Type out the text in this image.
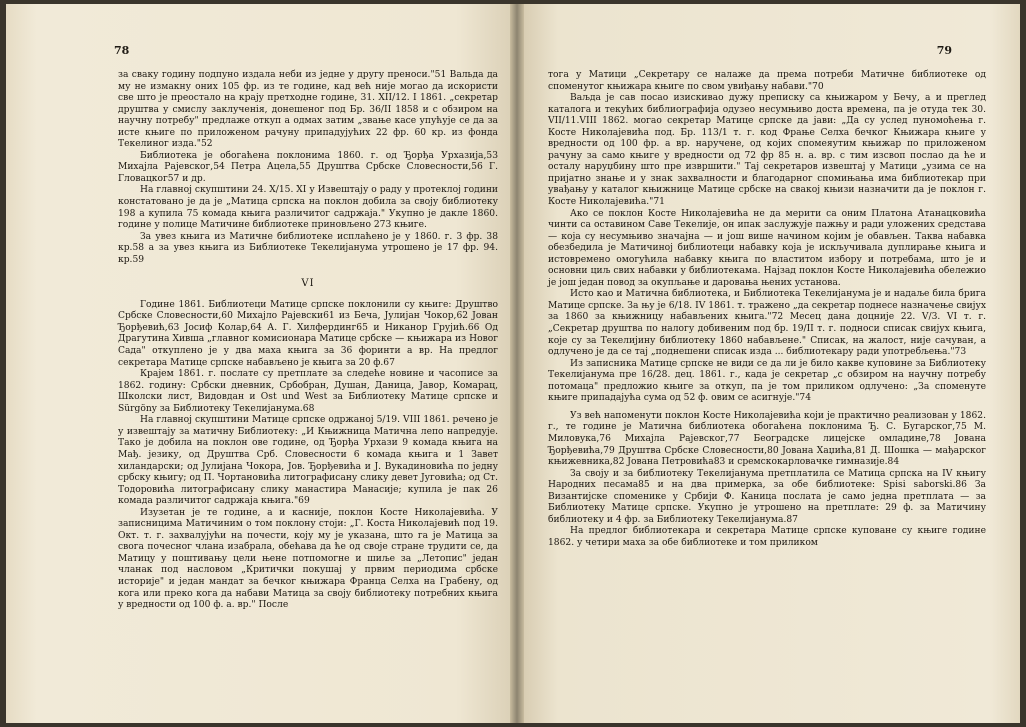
78

за сваку годину подпуно издала неби из једне у другу преноси."51 Вальда да му не измакну оних 105 фр. из те године, кад већ није могао да искористи све што је преостало на крају претходне године, 31. XII/12. I 1861. „секретар друштва у смислу заклученія, донешеног под Бр. 36/II 1858 и с обзиром на научну потребу" предлаже откуп а одмах затим „звање касе упућује се да за исте књиге по приложеном рачуну припадујућих 22 фр. 60 кр. из фонда Текелиног изда."52

Библиотека је обогаћена поклонима 1860. г. од Ђорђа Урхазија,53 Михајла Рајевског,54 Петра Ацела,55 Друштва Србске Словесности,56 Г. Гловацког57 и др.

На главној скупштини 24. X/15. XI у Извештају о раду у протеклој години констатовано је да је „Матица српска на поклон добила за своју библиотеку 198 а купила 75 комада књига различитог садржаја." Укупно је дакле 1860. године у полице Матичине библиотеке приновљено 273 књиге.

За увез књига из Матичне библиотеке исплаћено је у 1860. г. 3 фр. 38 кр.58 а за увез књига из Библиотеке Текелијанума утрошено је 17 фр. 94. кр.59

VI

Године 1861. Библиотеци Матице српске поклонили су књиге: Друштво Србске Словесности,60 Михајло Рајевски61 из Беча, Јулијан Чокор,62 Јован Ђорђевић,63 Јосиф Колар,64 А. Г. Хилфердинг65 и Никанор Грујић.66 Од Драгутина Хивша „главног комисионара Матице србске — књижара из Новог Сада" откуплено је у два маха књига за 36 форинти а вр. На предлог секретара Матице српске набављено је књига за 20 ф.67

Крајем 1861. г. послате су претплате за следеће новине и часописе за 1862. годину: Србски дневник, Србобран, Душан, Даница, Јавор, Комарац, Школски лист, Видовдан и Ost und West за Библиотеку Матице српске и Sürgöny за Библиотеку Текелијанума.68

На главној скупштини Матице српске одржаној 5/19. VIII 1861. речено је у извештају за матичну Библиотеку: „И Књижница Матична лепо напредује. Тако је добила на поклон ове године, од Ђорђа Урхази 9 комада књига на Мађ. језику, од Друштва Срб. Словесности 6 комада књига и 1 Завет хиландарски; од Јулијана Чокора, Јов. Ђорђевића и Ј. Вукадиновића по једну србску књигу; од П. Чортановића литографисану слику девет Југовића; од Ст. Тодоровића литографисану слику манастира Манасије; купила је пак 26 комада различитог садржаја књига."69

Изузетан је те године, а и касније, поклон Косте Николајевића. У записницима Матичиним о том поклону стоји: „Г. Коста Николајевић под 19. Окт. т. г. захвалујући на почести, коју му је указана, што га је Матица за свога почесног члана изабрала, обећава да ће од своје стране трудити се, да Матицу у поштивању цели њене потпомогне и шиље за „Летопис" један чланак под насловом „Критички покушај у првим периодима србске историје" и један мандат за бечког књижара Франца Селха на Грабену, од кога или преко кога да набави Матица за своју библиотеку потребних књига у вредности од 100 ф. а. вр." После

79

тога у Матици „Секретару се налаже да према потреби Матичне библиотеке од споменутог књижара књиге по свом увиђању набави."70

Ваљда је сав посао изискивао дужу преписку са књижаром у Бечу, а и преглед каталога и текућих библиографија одузео несумњиво доста времена, па је отуда тек 30. VII/11.VIII 1862. могао секретар Матице српске да јави: „Да су услед пуномоћења г. Косте Николајевића под. Бр. 113/1 т. г. код Фрање Селха бечког Књижара књиге у вредности од 100 фр. а вр. наручене, од којих спомеяутим књижар по приложеном рачуну за само књиге у вредности од 72 фр 85 н. а. вр. с тим изсвоп послао да ће и осталу наруџбину што пре извршити." Тај секретаров извештај у Матици „узима се на пријатно знање и у знак захвалности и благодарног спомињања има библиотекар при увађању у каталог књижнице Матице србске на свакој књизи назначити да је поклон г. Косте Николајевића."71

Ако се поклон Косте Николајевића не да мерити са оним Платона Атанацковића чинти са оставином Саве Текелије, он ипак заслужује пажњу и ради уложених средстава — која су несумњиво значајна — и још више начином којим је обављен. Таква набавка обезбедила је Матичиној библиотеци набавку која је искључивала дуплирање књига и истовремено омогућила набавку књига по властитом избору и потребама, што је и основни циљ свих набавки у библиотекама. Најзад поклон Косте Николајевића обележио је још један повод за окупљање и даровања њених установа.

Исто као и Матична библиотека, и Библиотека Текелијанума је и надаље била брига Матице српске. За њу је 6/18. IV 1861. т. тражено „да секретар поднесе назначење свијух за 1860 за књижницу набављених књига."72 Месец дана доцније 22. V/3. VI т. г. „Секретар друштва по налогу добивеним под бр. 19/II т. г. подноси списак свијух књига, које су за Текелијину библиотеку 1860 набављене." Списак, на жалост, није сачуван, а одлучено је да се тај „поднешени списак изда ... библиотекару ради употребљења."73

Из записника Матице српске не види се да ли је било какве куповине за Библиотеку Текелијанума пре 16/28. дец. 1861. г., када је секретар „с обзиром на научну потребу потомаца" предложио књиге за откуп, па је том приликом одлучено: „За споменуте књиге припадајућа сума од 52 ф. овим се асигнује."74

Уз већ напоменути поклон Косте Николајевића који је практично реализован у 1862. г., те године је Матична библиотека обогаћена поклонима Ђ. С. Бугарског,75 М. Миловука,76 Михајла Рајевског,77 Београдске лицејске омладине,78 Јована Ђорђевића,79 Друштва Србске Словесности,80 Јована Хаџића,81 Д. Шошка — мађарског књижевника,82 Јована Петровића83 и сремскокарловачке гимназије.84

За своју и за библиотеку Текелијанума претплатила се Матица српска на IV књигу Народних песама85 и на два примерка, за обе библиотеке: Spisi saborski.86 За Византијске споменике у Србији Ф. Каница послата је само једна претплата — за Библиотеку Матице српске. Укупно је утрошено на претплате: 29 ф. за Матичину библиотеку и 4 фр. за Библиотеку Текелијанума.87

На предлог библиотекара и секретара Матице српске куповане су књиге године 1862. у четири маха за обе библиотеке и том приликом
